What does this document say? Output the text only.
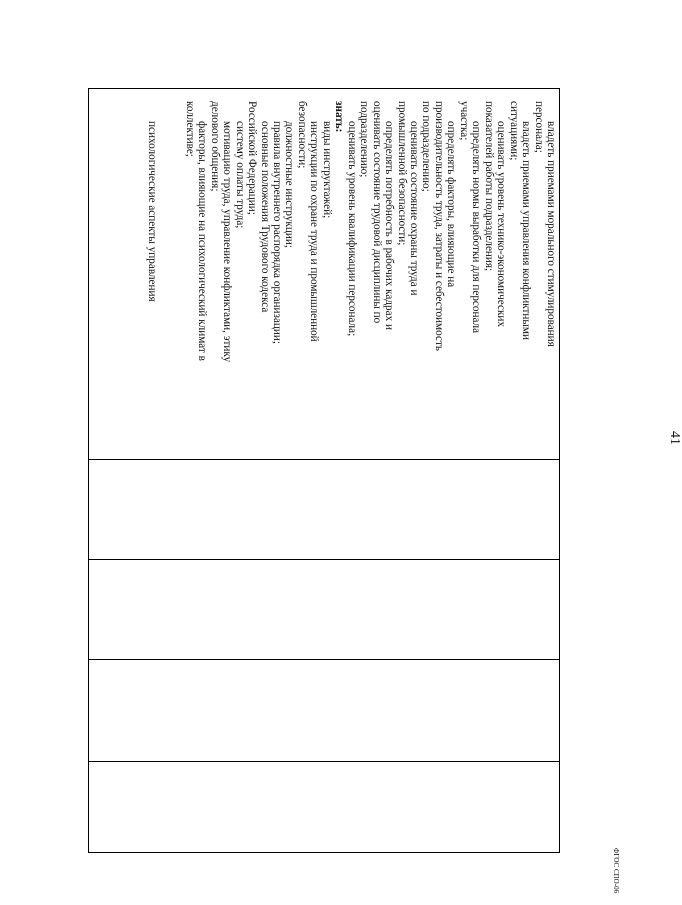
41
владеть приемами морального стимулирования
персонала;
владеть приемами управления конфликтными
ситуациями;
оценивать уровень технико-экономических
показателей работы подразделения;
определять нормы выработки для персонала
участка;
определять факторы, влияющие на
производительность труда, затраты и себестоимость
по подразделению;
оценивать состояние охраны труда и
промышленной безопасности;
определять потребность в рабочих кадрах и
оценивать состояние трудовой дисциплины по
подразделению;
оценивать уровень квалификации персонала;
знать:
виды инструктажей;
инструкции по охране труда и промышленной
безопасности;
должностные инструкции;
правила внутреннего распорядка организации;
основные положения Трудового кодекса
Российской Федерации;
систему оплаты труда;
мотивацию труда, управление конфликтами, этику
делового общения;
факторы, влияющие на психологический климат в
коллективе;

психологические аспекты управления
ФГОС СПО-06
